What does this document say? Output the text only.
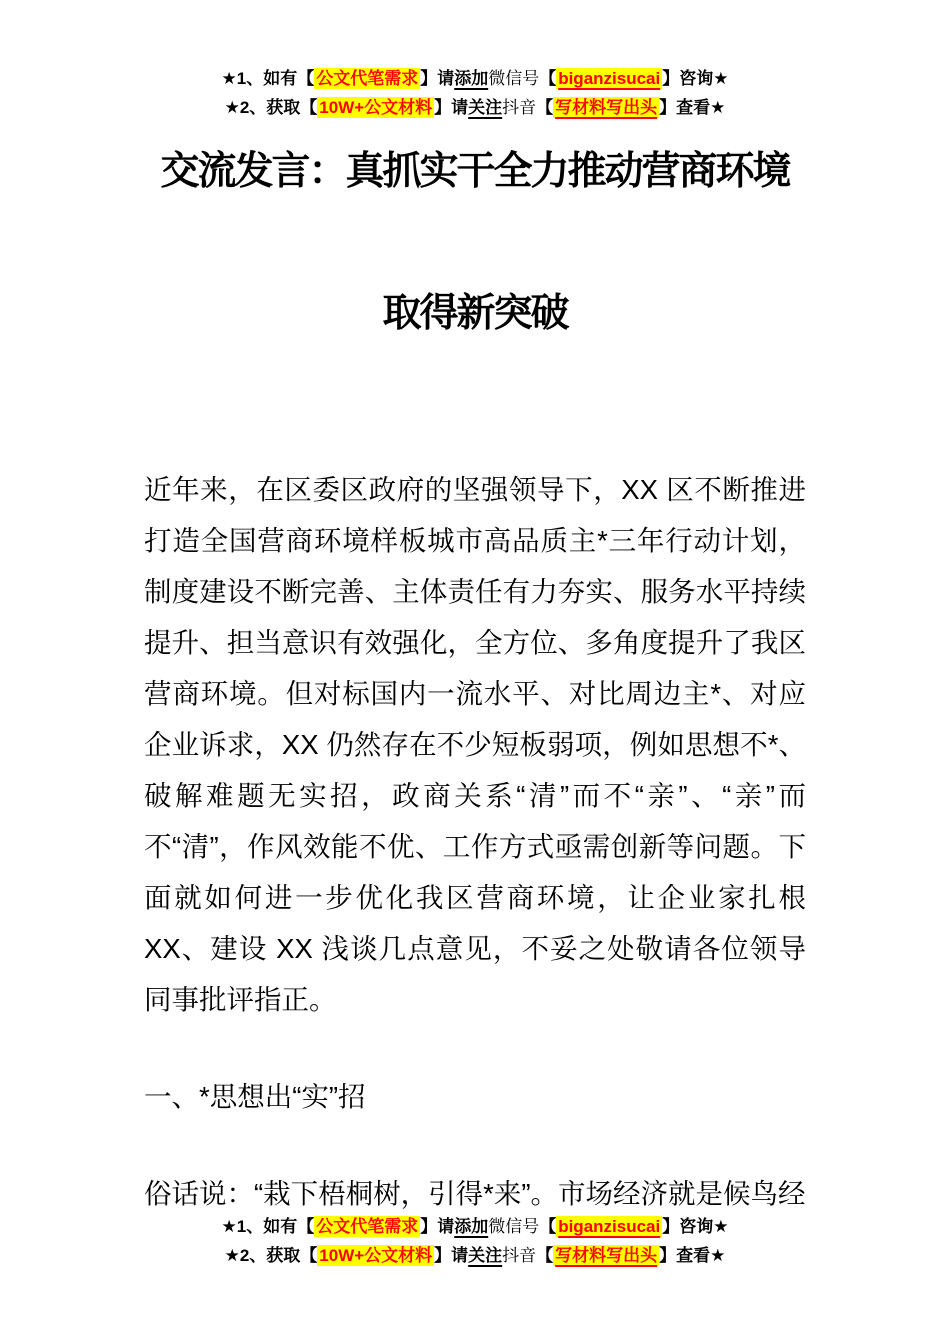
★1、如有【 公文代笔需求 】请添加微信号【 biganzisucai 】咨询★
★2、获取【 10W+公文材料 】请关注抖音【 写材料写出头 】查看★
交流发言：真抓实干全力推动营商环境
取得新突破
近年来，在区委区政府的坚强领导下，XX 区不断推进打造全国营商环境样板城市高品质主*三年行动计划，制度建设不断完善、主体责任有力夯实、服务水平持续提升、担当意识有效强化，全方位、多角度提升了我区营商环境。但对标国内一流水平、对比周边主*、对应企业诉求，XX 仍然存在不少短板弱项，例如思想不*、破解难题无实招，政商关系“清”而不“亲”、“亲”而不“清”，作风效能不优、工作方式亟需创新等问题。下面就如何进一步优化我区营商环境，让企业家扎根 XX、建设 XX 浅谈几点意见，不妥之处敬请各位领导同事批评指正。
一、*思想出“实”招
俗话说：“栽下梧桐树，引得*来”。市场经济就是候鸟经
★1、如有【 公文代笔需求 】请添加微信号【 biganzisucai 】咨询★
★2、获取【 10W+公文材料 】请关注抖音【 写材料写出头 】查看★
